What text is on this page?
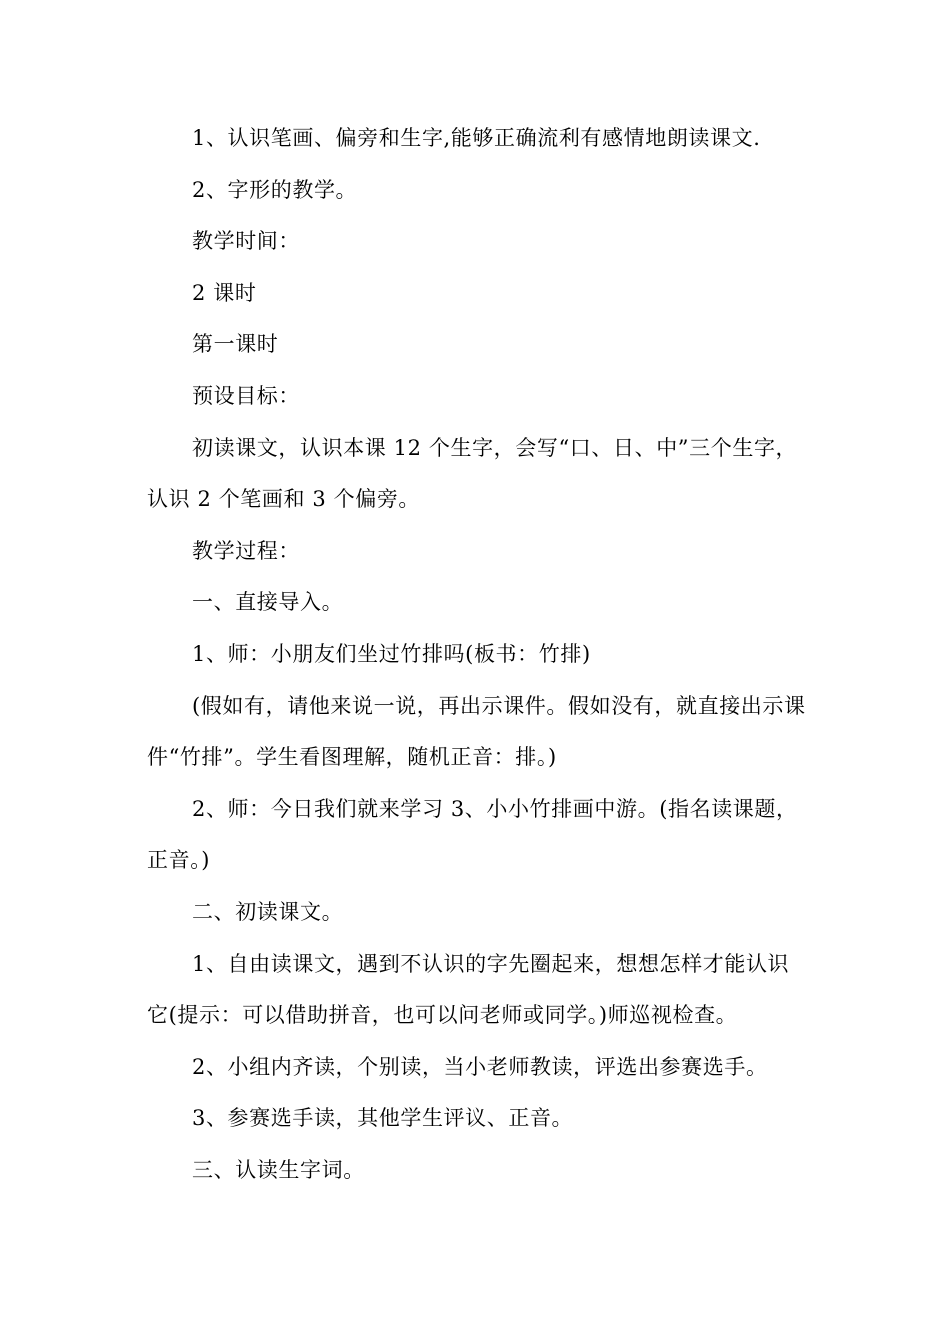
1、认识笔画、偏旁和生字,能够正确流利有感情地朗读课文.

2、字形的教学。

教学时间：

2 课时

第一课时

预设目标：

初读课文，认识本课 12 个生字，会写“口、日、中”三个生字，认识 2 个笔画和 3 个偏旁。

教学过程：

一、直接导入。

1、师：小朋友们坐过竹排吗(板书：竹排)

(假如有，请他来说一说，再出示课件。假如没有，就直接出示课件“竹排”。学生看图理解，随机正音：排。)

2、师：今日我们就来学习 3、小小竹排画中游。(指名读课题，正音。)

二、初读课文。

1、自由读课文，遇到不认识的字先圈起来，想想怎样才能认识它(提示：可以借助拼音，也可以问老师或同学。)师巡视检查。

2、小组内齐读，个别读，当小老师教读，评选出参赛选手。

3、参赛选手读，其他学生评议、正音。

三、认读生字词。
